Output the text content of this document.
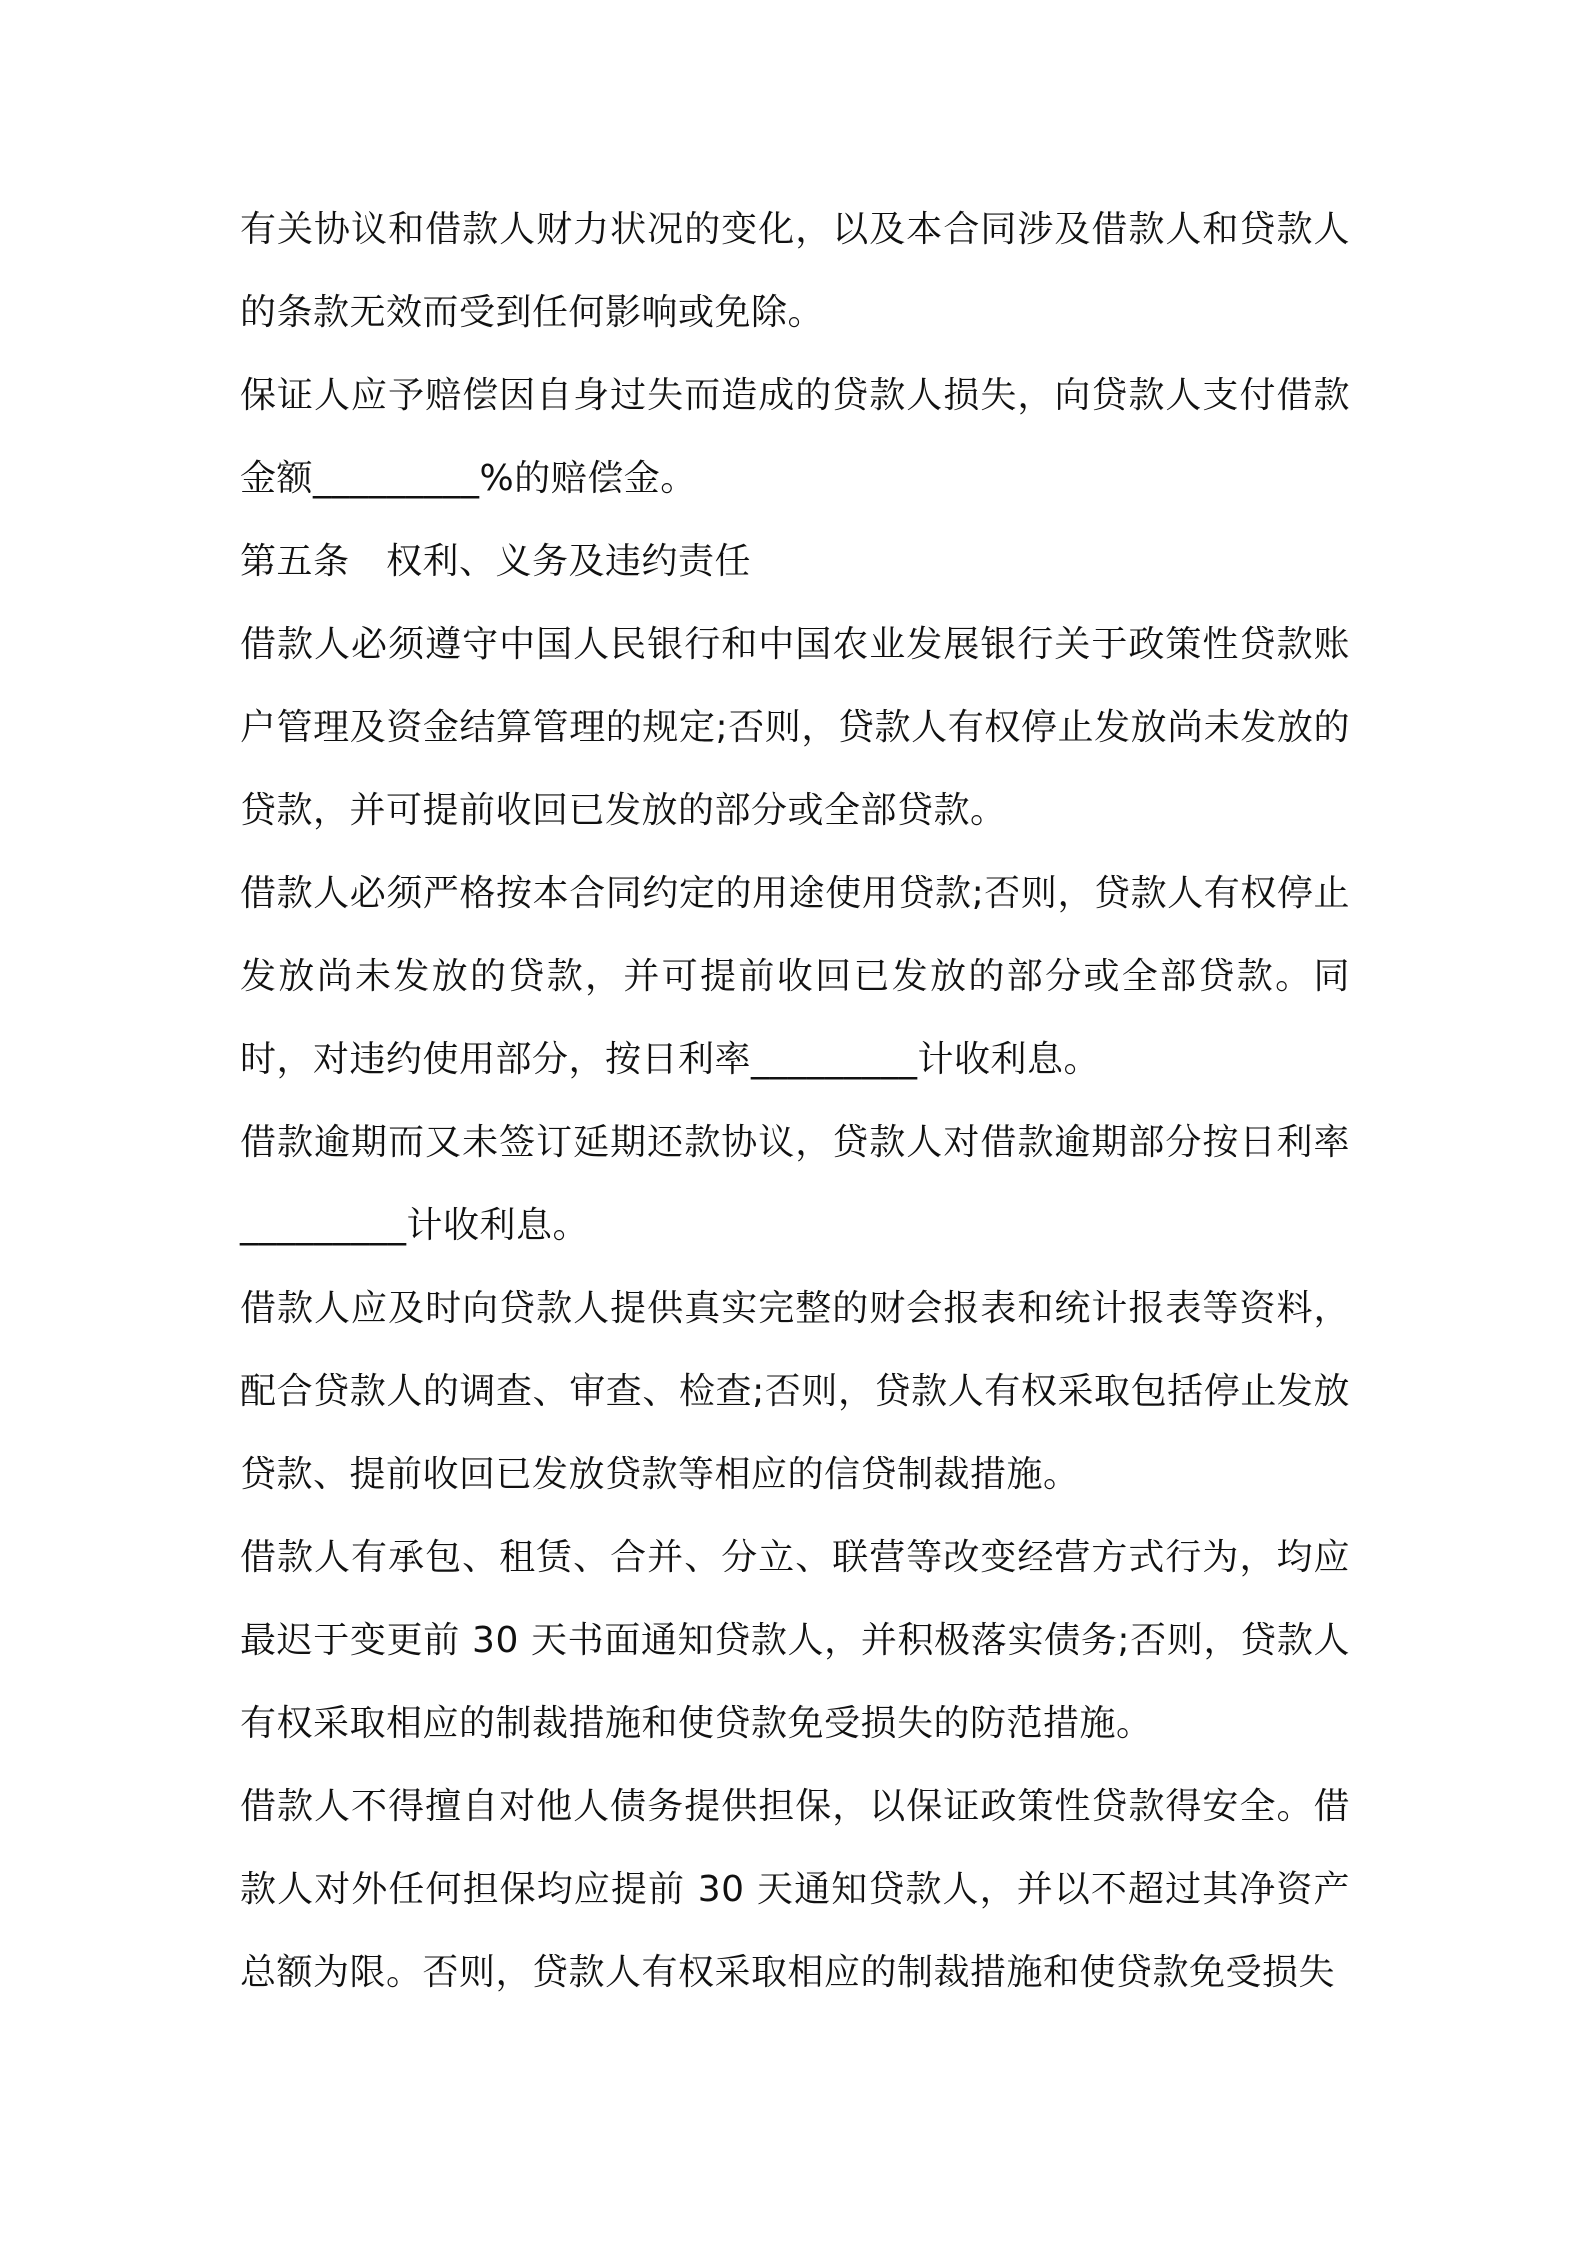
有关协议和借款人财力状况的变化，以及本合同涉及借款人和贷款人的条款无效而受到任何影响或免除。

保证人应予赔偿因自身过失而造成的贷款人损失，向贷款人支付借款金额_________%的赔偿金。

第五条　权利、义务及违约责任

借款人必须遵守中国人民银行和中国农业发展银行关于政策性贷款账户管理及资金结算管理的规定;否则，贷款人有权停止发放尚未发放的贷款，并可提前收回已发放的部分或全部贷款。

借款人必须严格按本合同约定的用途使用贷款;否则，贷款人有权停止发放尚未发放的贷款，并可提前收回已发放的部分或全部贷款。同时，对违约使用部分，按日利率_________计收利息。

借款逾期而又未签订延期还款协议，贷款人对借款逾期部分按日利率_________计收利息。

借款人应及时向贷款人提供真实完整的财会报表和统计报表等资料，配合贷款人的调查、审查、检查;否则，贷款人有权采取包括停止发放贷款、提前收回已发放贷款等相应的信贷制裁措施。

借款人有承包、租赁、合并、分立、联营等改变经营方式行为，均应最迟于变更前 30 天书面通知贷款人，并积极落实债务;否则，贷款人有权采取相应的制裁措施和使贷款免受损失的防范措施。

借款人不得擅自对他人债务提供担保，以保证政策性贷款得安全。借款人对外任何担保均应提前 30 天通知贷款人，并以不超过其净资产总额为限。否则，贷款人有权采取相应的制裁措施和使贷款免受损失
